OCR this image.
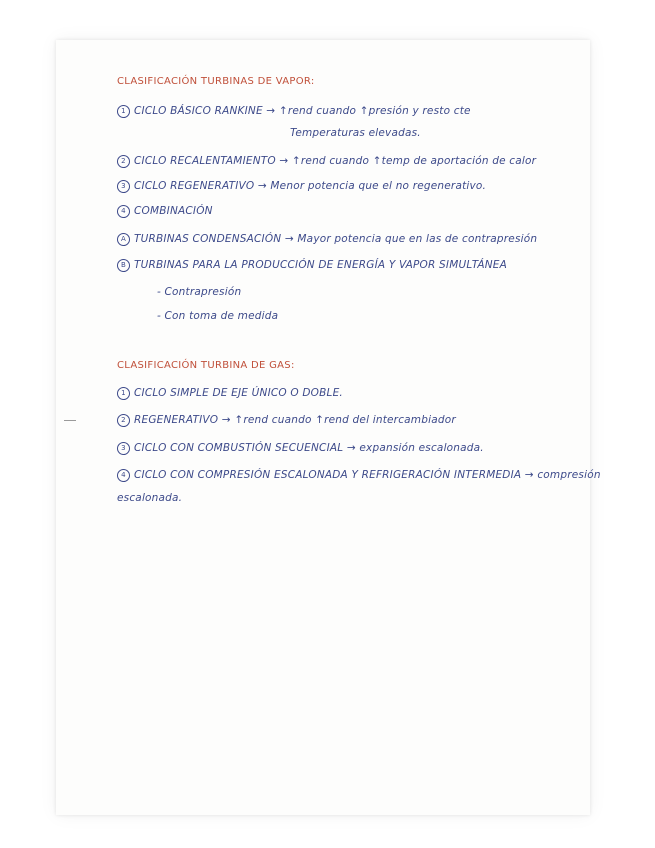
CLASIFICACIÓN TURBINAS DE VAPOR:
1 CICLO BÁSICO RANKINE → ↑rend cuando ↑presión y resto cte
Temperaturas elevadas.
2 CICLO RECALENTAMIENTO → ↑rend cuando ↑temp de aportación de calor
3 CICLO REGENERATIVO → Menor potencia que el no regenerativo.
4 COMBINACIÓN
A TURBINAS CONDENSACIÓN → Mayor potencia que en las de contrapresión
B TURBINAS PARA LA PRODUCCIÓN DE ENERGÍA Y VAPOR SIMULTÁNEA
- Contrapresión
- Con toma de medida
CLASIFICACIÓN TURBINA DE GAS:
1 CICLO SIMPLE DE EJE ÚNICO O DOBLE.
2 REGENERATIVO → ↑rend cuando ↑rend del intercambiador
3 CICLO CON COMBUSTIÓN SECUENCIAL → expansión escalonada.
4 CICLO CON COMPRESIÓN ESCALONADA Y REFRIGERACIÓN INTERMEDIA → compresión
escalonada.
